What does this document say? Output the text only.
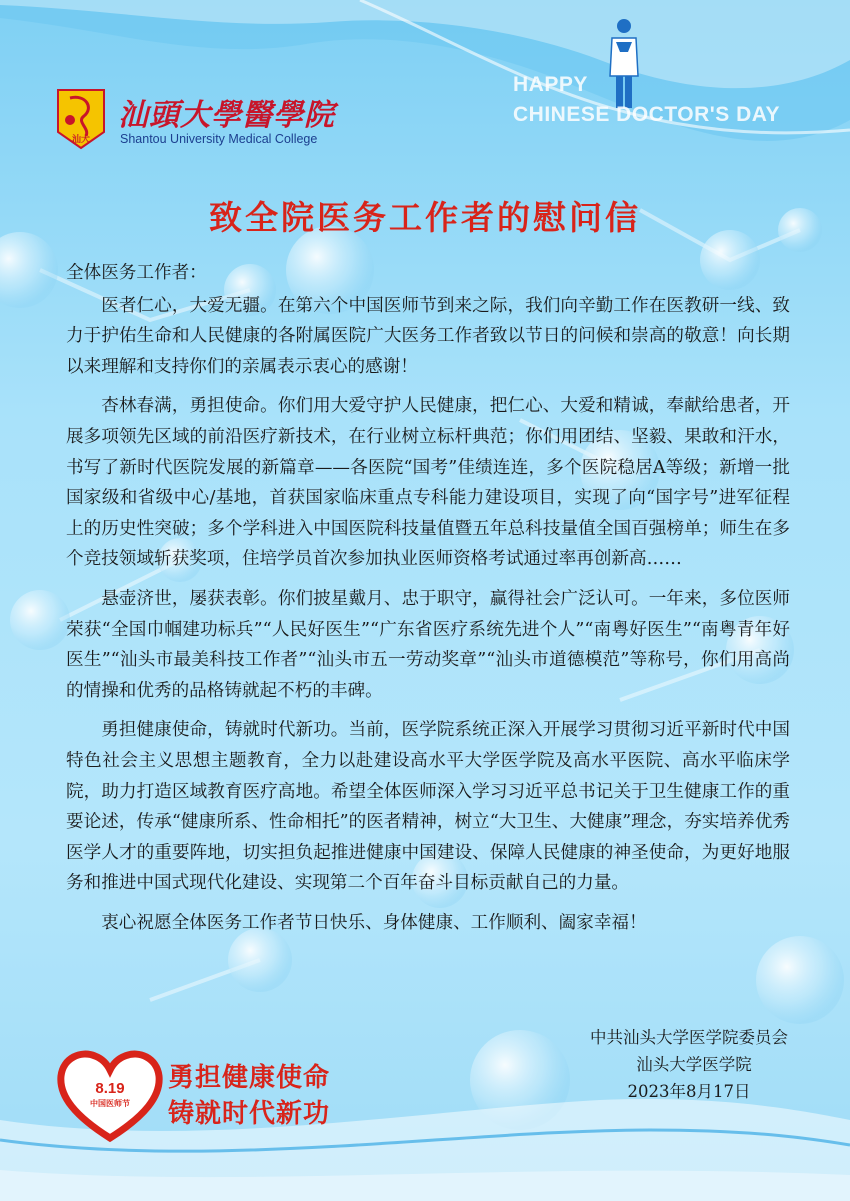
汕大
汕頭大學醫學院
Shantou University Medical College
HAPPY
CHINESE DOCTOR'S DAY
致全院医务工作者的慰问信

全体医务工作者：

医者仁心，大爱无疆。在第六个中国医师节到来之际，我们向辛勤工作在医教研一线、致力于护佑生命和人民健康的各附属医院广大医务工作者致以节日的问候和崇高的敬意！向长期以来理解和支持你们的亲属表示衷心的感谢！

杏林春满，勇担使命。你们用大爱守护人民健康，把仁心、大爱和精诚，奉献给患者，开展多项领先区域的前沿医疗新技术，在行业树立标杆典范；你们用团结、坚毅、果敢和汗水，书写了新时代医院发展的新篇章——各医院“国考”佳绩连连，多个医院稳居A等级；新增一批国家级和省级中心/基地，首获国家临床重点专科能力建设项目，实现了向“国字号”进军征程上的历史性突破；多个学科进入中国医院科技量值暨五年总科技量值全国百强榜单；师生在多个竞技领域斩获奖项，住培学员首次参加执业医师资格考试通过率再创新高……

悬壶济世，屡获表彰。你们披星戴月、忠于职守，赢得社会广泛认可。一年来，多位医师荣获“全国巾帼建功标兵”“人民好医生”“广东省医疗系统先进个人”“南粤好医生”“南粤青年好医生”“汕头市最美科技工作者”“汕头市五一劳动奖章”“汕头市道德模范”等称号，你们用高尚的情操和优秀的品格铸就起不朽的丰碑。

勇担健康使命，铸就时代新功。当前，医学院系统正深入开展学习贯彻习近平新时代中国特色社会主义思想主题教育，全力以赴建设高水平大学医学院及高水平医院、高水平临床学院，助力打造区域教育医疗高地。希望全体医师深入学习习近平总书记关于卫生健康工作的重要论述，传承“健康所系、性命相托”的医者精神，树立“大卫生、大健康”理念，夯实培养优秀医学人才的重要阵地，切实担负起推进健康中国建设、保障人民健康的神圣使命，为更好地服务和推进中国式现代化建设、实现第二个百年奋斗目标贡献自己的力量。

衷心祝愿全体医务工作者节日快乐、身体健康、工作顺利、阖家幸福！

中共汕头大学医学院委员会
汕头大学医学院
2023年8月17日
8.19
中国医师节
勇担健康使命
铸就时代新功
